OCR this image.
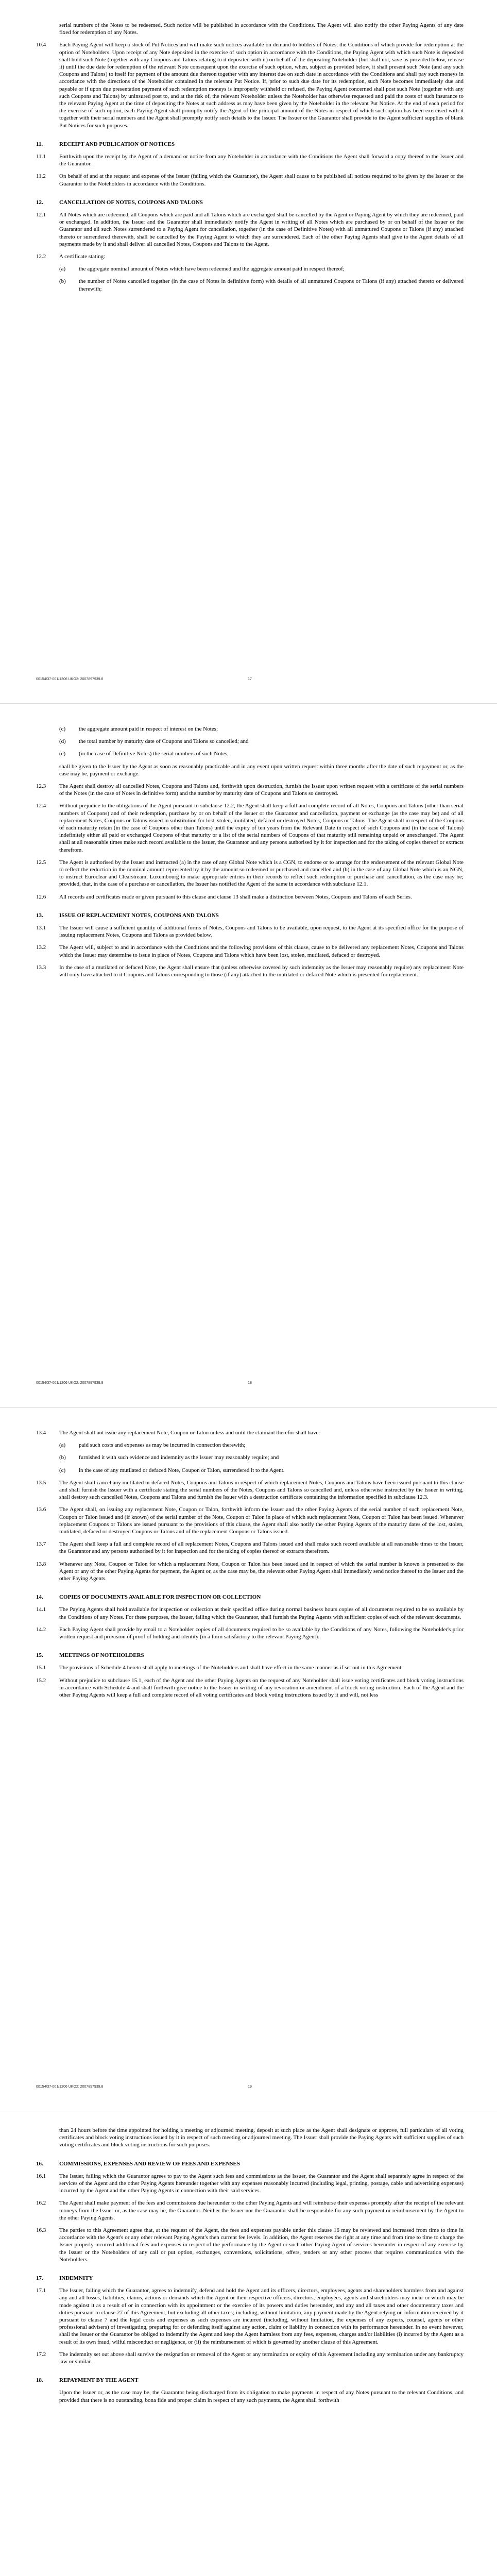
serial numbers of the Notes to be redeemed. Such notice will be published in accordance with the Conditions. The Agent will also notify the other Paying Agents of any date fixed for redemption of any Notes.
10.4	Each Paying Agent will keep a stock of Put Notices and will make such notices available on demand to holders of Notes, the Conditions of which provide for redemption at the option of Noteholders. Upon receipt of any Note deposited in the exercise of such option in accordance with the Conditions, the Paying Agent with which such Note is deposited shall hold such Note (together with any Coupons and Talons relating to it deposited with it) on behalf of the depositing Noteholder (but shall not, save as provided below, release it) until the due date for redemption of the relevant Note consequent upon the exercise of such option, when, subject as provided below, it shall present such Note (and any such Coupons and Talons) to itself for payment of the amount due thereon together with any interest due on such date in accordance with the Conditions and shall pay such moneys in accordance with the directions of the Noteholder contained in the relevant Put Notice. If, prior to such due date for its redemption, such Note becomes immediately due and payable or if upon due presentation payment of such redemption moneys is improperly withheld or refused, the Paying Agent concerned shall post such Note (together with any such Coupons and Talons) by uninsured post to, and at the risk of, the relevant Noteholder unless the Noteholder has otherwise requested and paid the costs of such insurance to the relevant Paying Agent at the time of depositing the Notes at such address as may have been given by the Noteholder in the relevant Put Notice. At the end of each period for the exercise of such option, each Paying Agent shall promptly notify the Agent of the principal amount of the Notes in respect of which such option has been exercised with it together with their serial numbers and the Agent shall promptly notify such details to the Issuer. The Issuer or the Guarantor shall provide to the Agent sufficient supplies of blank Put Notices for such purposes.
11.	RECEIPT AND PUBLICATION OF NOTICES
11.1	Forthwith upon the receipt by the Agent of a demand or notice from any Noteholder in accordance with the Conditions the Agent shall forward a copy thereof to the Issuer and the Guarantor.
11.2	On behalf of and at the request and expense of the Issuer (failing which the Guarantor), the Agent shall cause to be published all notices required to be given by the Issuer or the Guarantor to the Noteholders in accordance with the Conditions.
12.	CANCELLATION OF NOTES, COUPONS AND TALONS
12.1	All Notes which are redeemed, all Coupons which are paid and all Talons which are exchanged shall be cancelled by the Agent or Paying Agent by which they are redeemed, paid or exchanged. In addition, the Issuer and the Guarantor shall immediately notify the Agent in writing of all Notes which are purchased by or on behalf of the Issuer or the Guarantor and all such Notes surrendered to a Paying Agent for cancellation, together (in the case of Definitive Notes) with all unmatured Coupons or Talons (if any) attached thereto or surrendered therewith, shall be cancelled by the Paying Agent to which they are surrendered. Each of the other Paying Agents shall give to the Agent details of all payments made by it and shall deliver all cancelled Notes, Coupons and Talons to the Agent.
12.2	A certificate stating:
(a)	the aggregate nominal amount of Notes which have been redeemed and the aggregate amount paid in respect thereof;
(b)	the number of Notes cancelled together (in the case of Notes in definitive form) with details of all unmatured Coupons or Talons (if any) attached thereto or delivered therewith;
00154/37-001/1206 UKO2: 2007897939.8	17
(c)	the aggregate amount paid in respect of interest on the Notes;
(d)	the total number by maturity date of Coupons and Talons so cancelled; and
(e)	(in the case of Definitive Notes) the serial numbers of such Notes,
shall be given to the Issuer by the Agent as soon as reasonably practicable and in any event upon written request within three months after the date of such repayment or, as the case may be, payment or exchange.
12.3	The Agent shall destroy all cancelled Notes, Coupons and Talons and, forthwith upon destruction, furnish the Issuer upon written request with a certificate of the serial numbers of the Notes (in the case of Notes in definitive form) and the number by maturity date of Coupons and Talons so destroyed.
12.4	Without prejudice to the obligations of the Agent pursuant to subclause 12.2, the Agent shall keep a full and complete record of all Notes, Coupons and Talons (other than serial numbers of Coupons) and of their redemption, purchase by or on behalf of the Issuer or the Guarantor and cancellation, payment or exchange (as the case may be) and of all replacement Notes, Coupons or Talons issued in substitution for lost, stolen, mutilated, defaced or destroyed Notes, Coupons or Talons. The Agent shall in respect of the Coupons of each maturity retain (in the case of Coupons other than Talons) until the expiry of ten years from the Relevant Date in respect of such Coupons and (in the case of Talons) indefinitely either all paid or exchanged Coupons of that maturity or a list of the serial numbers of Coupons of that maturity still remaining unpaid or unexchanged. The Agent shall at all reasonable times make such record available to the Issuer, the Guarantor and any persons authorised by it for inspection and for the taking of copies thereof or extracts therefrom.
12.5	The Agent is authorised by the Issuer and instructed (a) in the case of any Global Note which is a CGN, to endorse or to arrange for the endorsement of the relevant Global Note to reflect the reduction in the nominal amount represented by it by the amount so redeemed or purchased and cancelled and (b) in the case of any Global Note which is an NGN, to instruct Euroclear and Clearstream, Luxembourg to make appropriate entries in their records to reflect such redemption or purchase and cancellation, as the case may be; provided, that, in the case of a purchase or cancellation, the Issuer has notified the Agent of the same in accordance with subclause 12.1.
12.6	All records and certificates made or given pursuant to this clause and clause 13 shall make a distinction between Notes, Coupons and Talons of each Series.
13.	ISSUE OF REPLACEMENT NOTES, COUPONS AND TALONS
13.1	The Issuer will cause a sufficient quantity of additional forms of Notes, Coupons and Talons to be available, upon request, to the Agent at its specified office for the purpose of issuing replacement Notes, Coupons and Talons as provided below.
13.2	The Agent will, subject to and in accordance with the Conditions and the following provisions of this clause, cause to be delivered any replacement Notes, Coupons and Talons which the Issuer may determine to issue in place of Notes, Coupons and Talons which have been lost, stolen, mutilated, defaced or destroyed.
13.3	In the case of a mutilated or defaced Note, the Agent shall ensure that (unless otherwise covered by such indemnity as the Issuer may reasonably require) any replacement Note will only have attached to it Coupons and Talons corresponding to those (if any) attached to the mutilated or defaced Note which is presented for replacement.
00154/37-001/1206 UKO2: 2007897939.8	18
13.4	The Agent shall not issue any replacement Note, Coupon or Talon unless and until the claimant therefor shall have:
(a)	paid such costs and expenses as may be incurred in connection therewith;
(b)	furnished it with such evidence and indemnity as the Issuer may reasonably require; and
(c)	in the case of any mutilated or defaced Note, Coupon or Talon, surrendered it to the Agent.
13.5	The Agent shall cancel any mutilated or defaced Notes, Coupons and Talons in respect of which replacement Notes, Coupons and Talons have been issued pursuant to this clause and shall furnish the Issuer with a certificate stating the serial numbers of the Notes, Coupons and Talons so cancelled and, unless otherwise instructed by the Issuer in writing, shall destroy such cancelled Notes, Coupons and Talons and furnish the Issuer with a destruction certificate containing the information specified in subclause 12.3.
13.6	The Agent shall, on issuing any replacement Note, Coupon or Talon, forthwith inform the Issuer and the other Paying Agents of the serial number of such replacement Note, Coupon or Talon issued and (if known) of the serial number of the Note, Coupon or Talon in place of which such replacement Note, Coupon or Talon has been issued. Whenever replacement Coupons or Talons are issued pursuant to the provisions of this clause, the Agent shall also notify the other Paying Agents of the maturity dates of the lost, stolen, mutilated, defaced or destroyed Coupons or Talons and of the replacement Coupons or Talons issued.
13.7	The Agent shall keep a full and complete record of all replacement Notes, Coupons and Talons issued and shall make such record available at all reasonable times to the Issuer, the Guarantor and any persons authorised by it for inspection and for the taking of copies thereof or extracts therefrom.
13.8	Whenever any Note, Coupon or Talon for which a replacement Note, Coupon or Talon has been issued and in respect of which the serial number is known is presented to the Agent or any of the other Paying Agents for payment, the Agent or, as the case may be, the relevant other Paying Agent shall immediately send notice thereof to the Issuer and the other Paying Agents.
14.	COPIES OF DOCUMENTS AVAILABLE FOR INSPECTION OR COLLECTION
14.1	The Paying Agents shall hold available for inspection or collection at their specified office during normal business hours copies of all documents required to be so available by the Conditions of any Notes. For these purposes, the Issuer, failing which the Guarantor, shall furnish the Paying Agents with sufficient copies of each of the relevant documents.
14.2	Each Paying Agent shall provide by email to a Noteholder copies of all documents required to be so available by the Conditions of any Notes, following the Noteholder's prior written request and provision of proof of holding and identity (in a form satisfactory to the relevant Paying Agent).
15.	MEETINGS OF NOTEHOLDERS
15.1	The provisions of Schedule 4 hereto shall apply to meetings of the Noteholders and shall have effect in the same manner as if set out in this Agreement.
15.2	Without prejudice to subclause 15.1, each of the Agent and the other Paying Agents on the request of any Noteholder shall issue voting certificates and block voting instructions in accordance with Schedule 4 and shall forthwith give notice to the Issuer in writing of any revocation or amendment of a block voting instruction. Each of the Agent and the other Paying Agents will keep a full and complete record of all voting certificates and block voting instructions issued by it and will, not less
00154/37-001/1206 UKO2: 2007897939.8	19
than 24 hours before the time appointed for holding a meeting or adjourned meeting, deposit at such place as the Agent shall designate or approve, full particulars of all voting certificates and block voting instructions issued by it in respect of such meeting or adjourned meeting. The Issuer shall provide the Paying Agents with sufficient supplies of such voting certificates and block voting instructions for such purposes.
16.	COMMISSIONS, EXPENSES AND REVIEW OF FEES AND EXPENSES
16.1	The Issuer, failing which the Guarantor agrees to pay to the Agent such fees and commissions as the Issuer, the Guarantor and the Agent shall separately agree in respect of the services of the Agent and the other Paying Agents hereunder together with any expenses reasonably incurred (including legal, printing, postage, cable and advertising expenses) incurred by the Agent and the other Paying Agents in connection with their said services.
16.2	The Agent shall make payment of the fees and commissions due hereunder to the other Paying Agents and will reimburse their expenses promptly after the receipt of the relevant moneys from the Issuer or, as the case may be, the Guarantor. Neither the Issuer nor the Guarantor shall be responsible for any such payment or reimbursement by the Agent to the other Paying Agents.
16.3	The parties to this Agreement agree that, at the request of the Agent, the fees and expenses payable under this clause 16 may be reviewed and increased from time to time in accordance with the Agent's or any other relevant Paying Agent's then current fee levels. In addition, the Agent reserves the right at any time and from time to time to charge the Issuer properly incurred additional fees and expenses in respect of the performance by the Agent or such other Paying Agent of services hereunder in respect of any exercise by the Issuer or the Noteholders of any call or put option, exchanges, conversions, solicitations, offers, tenders or any other process that requires communication with the Noteholders.
17.	INDEMNITY
17.1	The Issuer, failing which the Guarantor, agrees to indemnify, defend and hold the Agent and its officers, directors, employees, agents and shareholders harmless from and against any and all losses, liabilities, claims, actions or demands which the Agent or their respective officers, directors, employees, agents and shareholders may incur or which may be made against it as a result of or in connection with its appointment or the exercise of its powers and duties hereunder, and any and all taxes and other documentary taxes and duties pursuant to clause 27 of this Agreement, but excluding all other taxes; including, without limitation, any payment made by the Agent relying on information received by it pursuant to clause 7 and the legal costs and expenses as such expenses are incurred (including, without limitation, the expenses of any experts, counsel, agents or other professional advisers) of investigating, preparing for or defending itself against any action, claim or liability in connection with its performance hereunder. In no event however, shall the Issuer or the Guarantor be obliged to indemnify the Agent and keep the Agent harmless from any fees, expenses, charges and/or liabilities (i) incurred by the Agent as a result of its own fraud, wilful misconduct or negligence, or (ii) the reimbursement of which is governed by another clause of this Agreement.
17.2	The indemnity set out above shall survive the resignation or removal of the Agent or any termination or expiry of this Agreement including any termination under any bankruptcy law or similar.
18.	REPAYMENT BY THE AGENT
Upon the Issuer or, as the case may be, the Guarantor being discharged from its obligation to make payments in respect of any Notes pursuant to the relevant Conditions, and provided that there is no outstanding, bona fide and proper claim in respect of any such payments, the Agent shall forthwith
